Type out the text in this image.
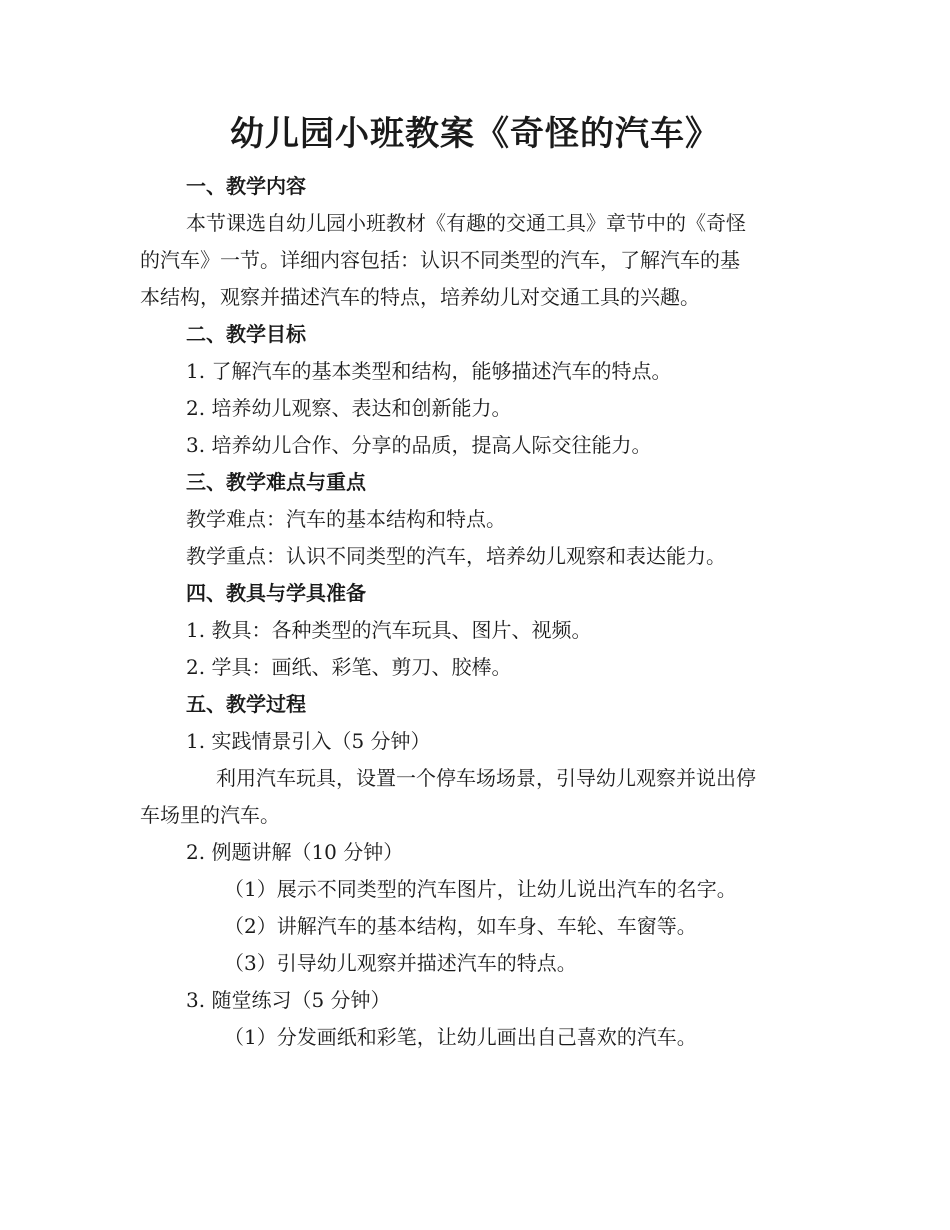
幼儿园小班教案《奇怪的汽车》
一、教学内容
本节课选自幼儿园小班教材《有趣的交通工具》章节中的《奇怪
的汽车》一节。详细内容包括：认识不同类型的汽车，了解汽车的基
本结构，观察并描述汽车的特点，培养幼儿对交通工具的兴趣。
二、教学目标
1. 了解汽车的基本类型和结构，能够描述汽车的特点。
2. 培养幼儿观察、表达和创新能力。
3. 培养幼儿合作、分享的品质，提高人际交往能力。
三、教学难点与重点
教学难点：汽车的基本结构和特点。
教学重点：认识不同类型的汽车，培养幼儿观察和表达能力。
四、教具与学具准备
1. 教具：各种类型的汽车玩具、图片、视频。
2. 学具：画纸、彩笔、剪刀、胶棒。
五、教学过程
1. 实践情景引入（5 分钟）
利用汽车玩具，设置一个停车场场景，引导幼儿观察并说出停
车场里的汽车。
2. 例题讲解（10 分钟）
（1）展示不同类型的汽车图片，让幼儿说出汽车的名字。
（2）讲解汽车的基本结构，如车身、车轮、车窗等。
（3）引导幼儿观察并描述汽车的特点。
3. 随堂练习（5 分钟）
（1）分发画纸和彩笔，让幼儿画出自己喜欢的汽车。
